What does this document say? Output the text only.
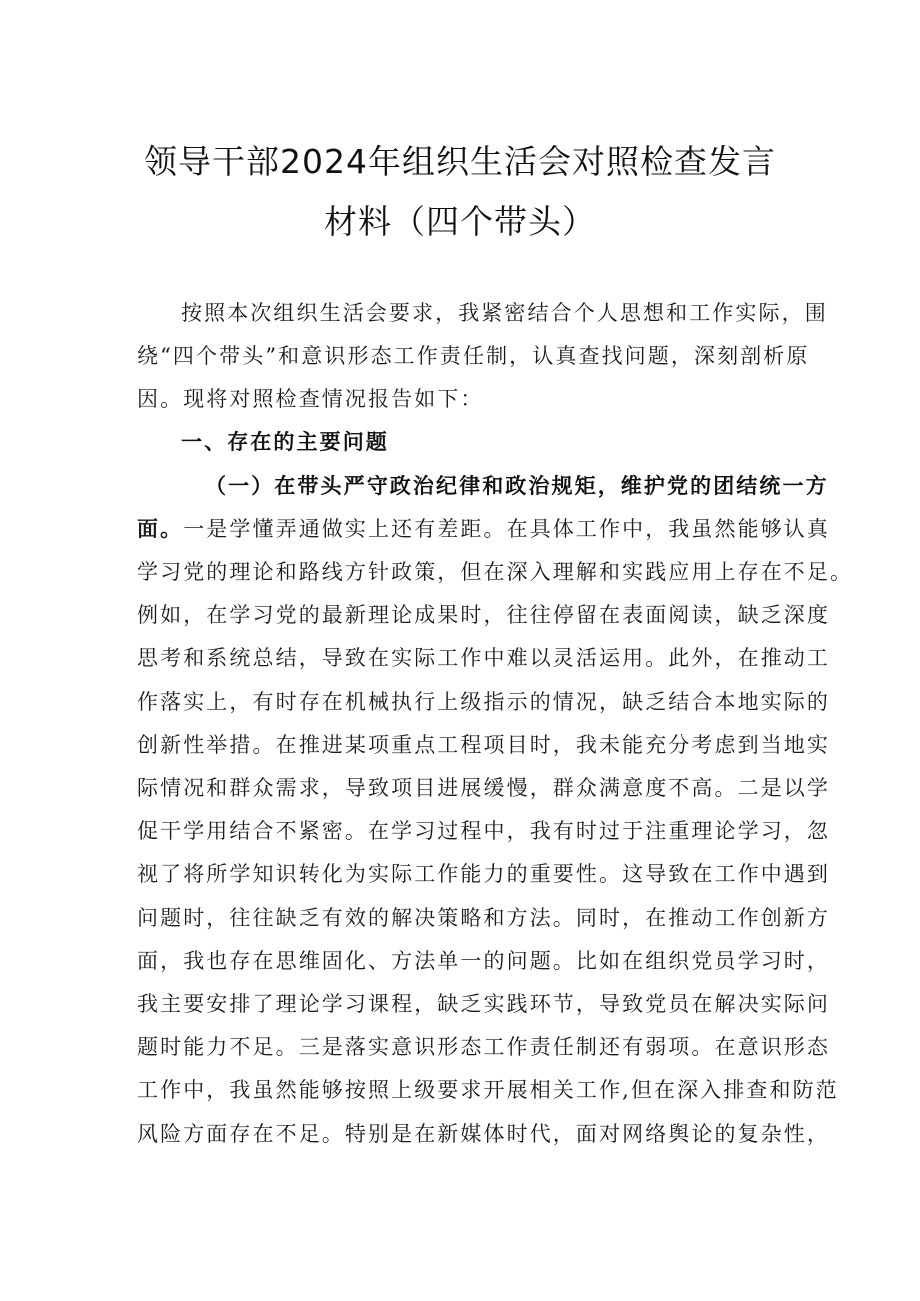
领导干部2024年组织生活会对照检查发言
材料（四个带头）
按照本次组织生活会要求，我紧密结合个人思想和工作实际，围
绕“四个带头”和意识形态工作责任制，认真查找问题，深刻剖析原
因。现将对照检查情况报告如下：
一、存在的主要问题
（一）在带头严守政治纪律和政治规矩，维护党的团结统一方
面。一是学懂弄通做实上还有差距。在具体工作中，我虽然能够认真
学习党的理论和路线方针政策，但在深入理解和实践应用上存在不足。
例如，在学习党的最新理论成果时，往往停留在表面阅读，缺乏深度
思考和系统总结，导致在实际工作中难以灵活运用。此外，在推动工
作落实上，有时存在机械执行上级指示的情况，缺乏结合本地实际的
创新性举措。在推进某项重点工程项目时，我未能充分考虑到当地实
际情况和群众需求，导致项目进展缓慢，群众满意度不高。二是以学
促干学用结合不紧密。在学习过程中，我有时过于注重理论学习，忽
视了将所学知识转化为实际工作能力的重要性。这导致在工作中遇到
问题时，往往缺乏有效的解决策略和方法。同时，在推动工作创新方
面，我也存在思维固化、方法单一的问题。比如在组织党员学习时，
我主要安排了理论学习课程，缺乏实践环节，导致党员在解决实际问
题时能力不足。三是落实意识形态工作责任制还有弱项。在意识形态
工作中，我虽然能够按照上级要求开展相关工作,但在深入排查和防范
风险方面存在不足。特别是在新媒体时代，面对网络舆论的复杂性，
